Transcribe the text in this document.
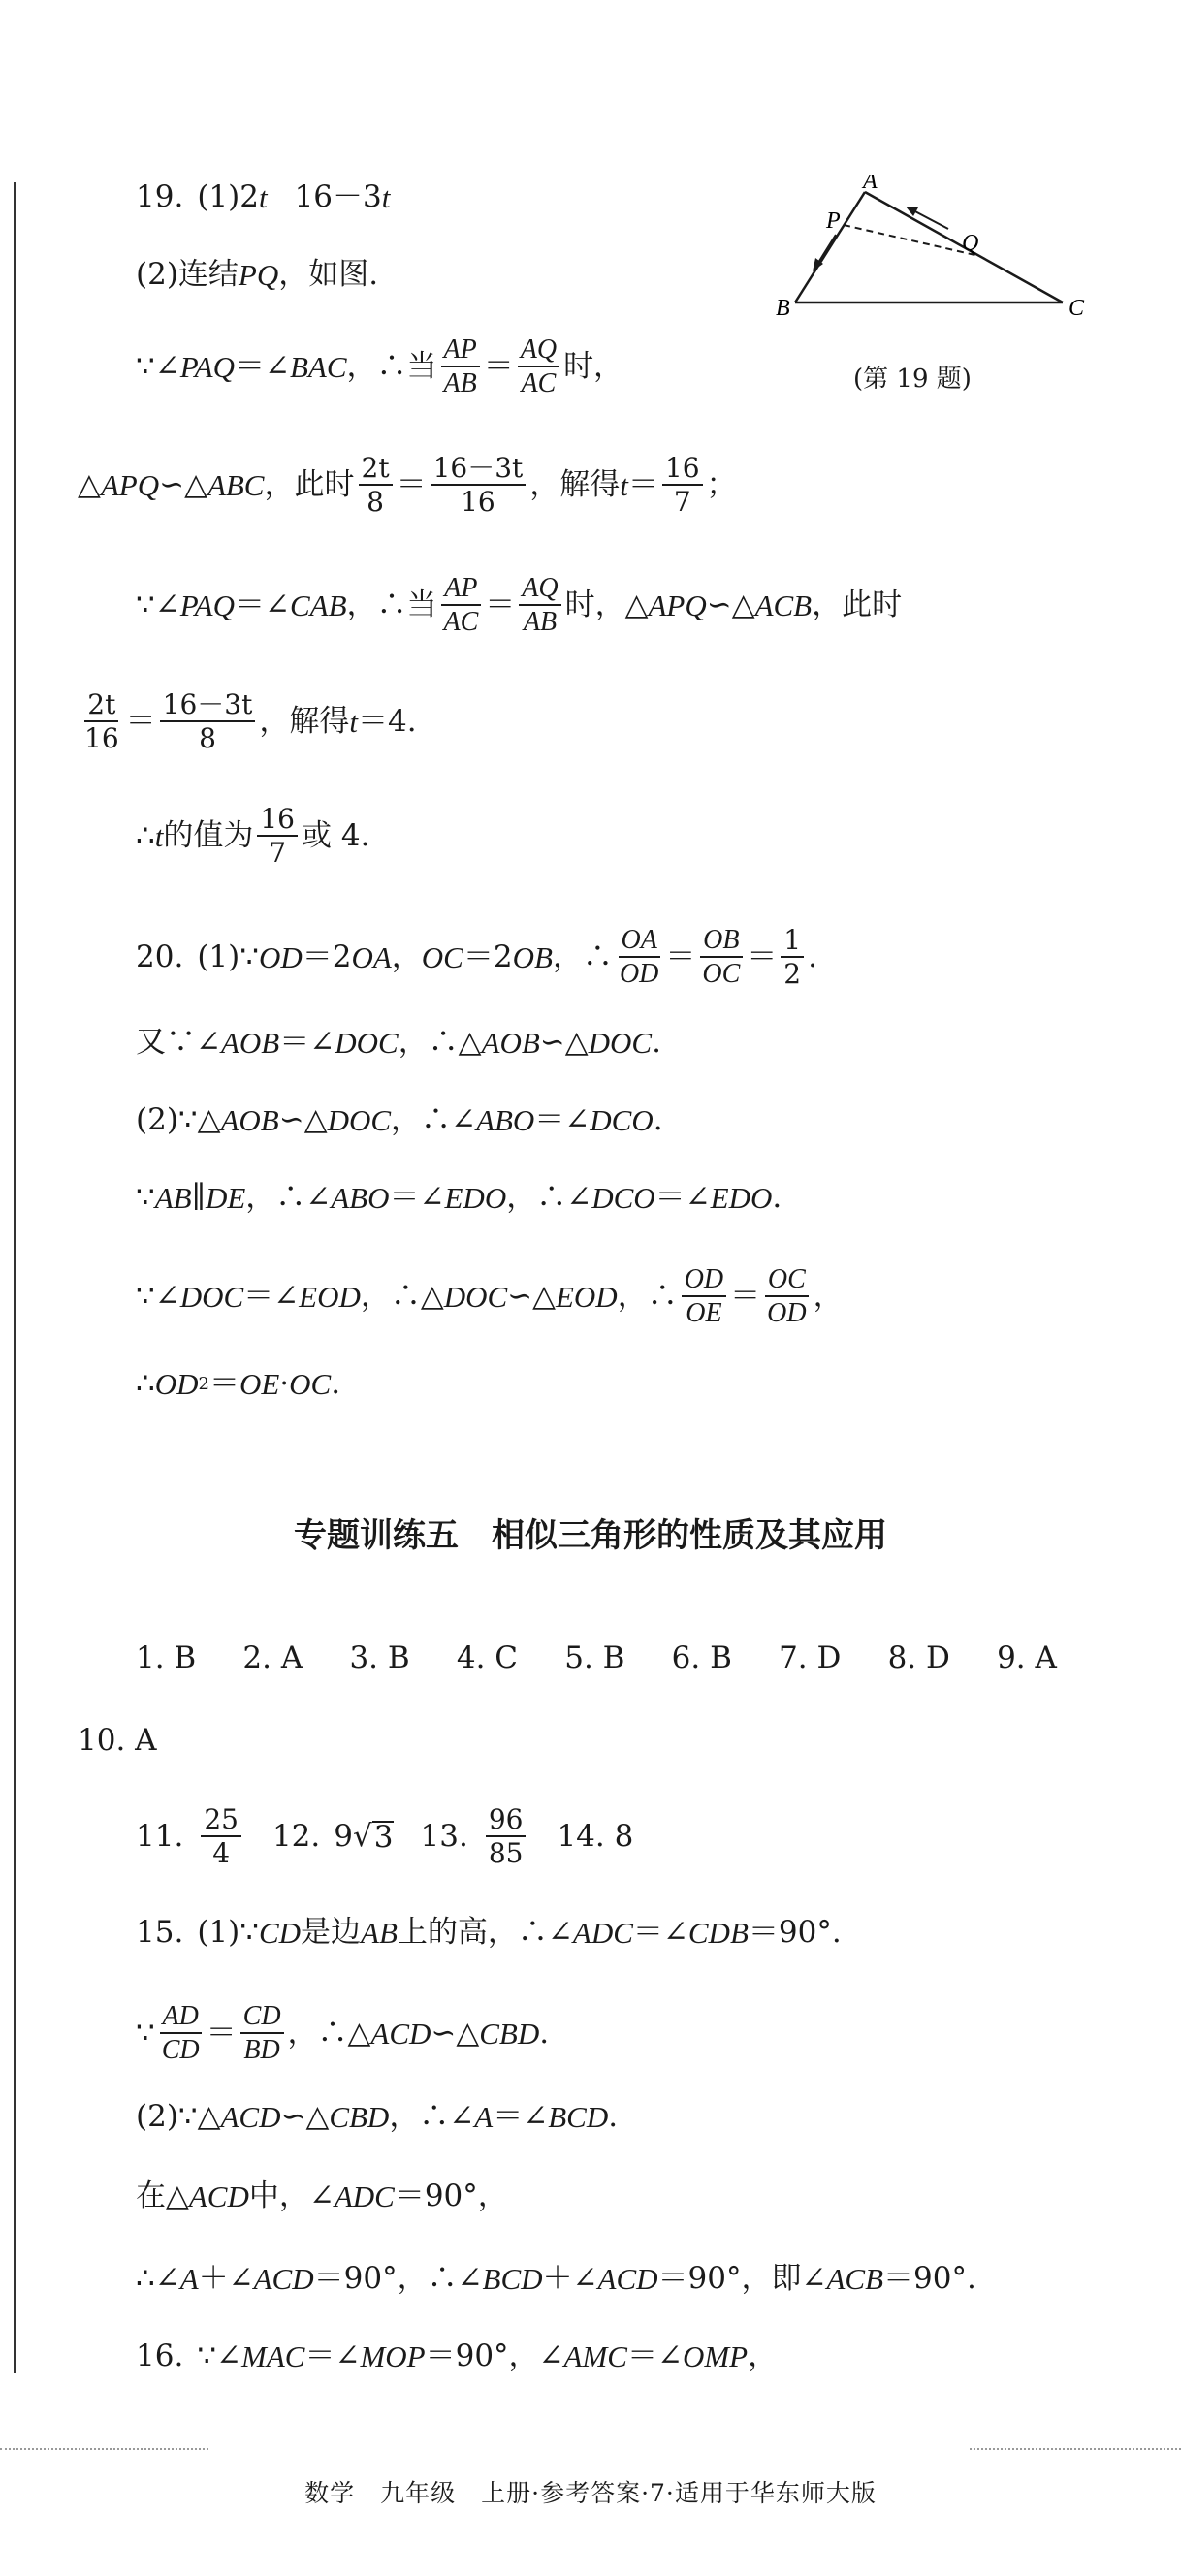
19. (1)2 t 16－3 t
(2)连结 PQ ，如图.
A
B	C
P
Q
(第 19 题)
∵∠ PAQ ＝∠ BAC ，∴当 $\frac{AP}{AB} = \frac{AQ}{AC}$ 时，
△ APQ ∽△ ABC ，此时 $\frac{2t}{8} = \frac{16-3t}{16}$ ，解得 $t = \frac{16}{7}$ ；
∵∠ PAQ ＝∠ CAB ，∴当 $\frac{AP}{AC} = \frac{AQ}{AB}$ 时，△ APQ ∽△ ACB ，此时
$\frac{2t}{16} = \frac{16-3t}{8}$ ，解得 t ＝4.
∴ t 的值为 $\frac{16}{7}$ 或 4.
20. (1)∵ OD ＝2 OA ， OC ＝2 OB ，∴ $\frac{OA}{OD} = \frac{OB}{OC} = \frac{1}{2}$ .
又∵∠ AOB ＝∠ DOC ，∴△ AOB ∽△ DOC .
(2)∵△ AOB ∽△ DOC ，∴∠ ABO ＝∠ DCO .
∵ AB ∥ DE ，∴∠ ABO ＝∠ EDO ，∴∠ DCO ＝∠ EDO .
∵∠ DOC ＝∠ EOD ，∴△ DOC ∽△ EOD ，∴ $\frac{OD}{OE} = \frac{OC}{OD}$ ，
∴ OD 2 ＝ OE · OC .
专题训练五　相似三角形的性质及其应用
1. B 2. A 3. B 4. C 5. B 6. B 7. D 8. D 9. A
10. A
11. $\frac{25}{4} 12$. 9 √ 3 13. $\frac{96}{85} 14$. 8
15. (1)∵ CD 是边 AB 上的高，∴∠ ADC ＝∠ CDB ＝90°.
∵ $\frac{AD}{CD} = \frac{CD}{BD}$ ，∴△ ACD ∽△ CBD .
(2)∵△ ACD ∽△ CBD ，∴∠ A ＝∠ BCD .
在△ ACD 中，∠ ADC ＝90°，
∴∠ A ＋∠ ACD ＝90°，∴∠ BCD ＋∠ ACD ＝90°，即∠ ACB ＝90°.
16. ∵∠ MAC ＝∠ MOP ＝90°，∠ AMC ＝∠ OMP ，
数学　九年级　上册·参考答案·7·适用于华东师大版
